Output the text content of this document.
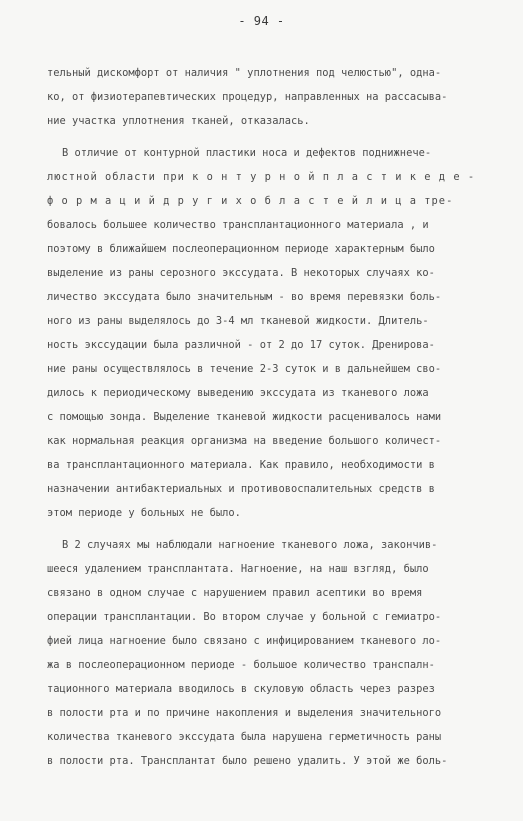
- 94 -
тельный дискомфорт от наличия " уплотнения под челюстью", одна-
ко, от физиотерапевтических процедур, направленных на рассасыва-
ние участка уплотнения тканей, отказалась.
В отличие от контурной пластики носа и дефектов поднижнече-
люстной области при к о н т у р н о й п л а с т и к е д е -
ф о р м а ц и й д р у г и х о б л а с т е й л и ц а тре-
бовалось большее количество трансплантационного материала , и
поэтому в ближайшем послеоперационном периоде характерным было
выделение из раны серозного экссудата. В некоторых случаях ко-
личество экссудата было значительным - во время перевязки боль-
ного из раны выделялось до 3-4 мл тканевой жидкости. Длитель-
ность экссудации была различной - от 2 до 17 суток. Дренирова-
ние раны осуществлялось в течение 2-3 суток и в дальнейшем сво-
дилось к периодическому выведению экссудата из тканевого ложа
с помощью зонда. Выделение тканевой жидкости расценивалось нами
как нормальная реакция организма на введение большого количест-
ва трансплантационного материала. Как правило, необходимости в
назначении антибактериальных и противовоспалительных средств в
этом периоде у больных не было.
В 2 случаях мы наблюдали нагноение тканевого ложа, закончив-
шееся удалением трансплантата. Нагноение, на наш взгляд, было
связано в одном случае с нарушением правил асептики во время
операции трансплантации. Во втором случае у больной с гемиатро-
фией лица нагноение было связано с инфицированием тканевого ло-
жа в послеоперационном периоде - большое количество транспалн-
тационного материала вводилось в скуловую область через разрез
в полости рта и по причине накопления и выделения значительного
количества тканевого экссудата была нарушена герметичность раны
в полости рта. Трансплантат было решено удалить. У этой же боль-
